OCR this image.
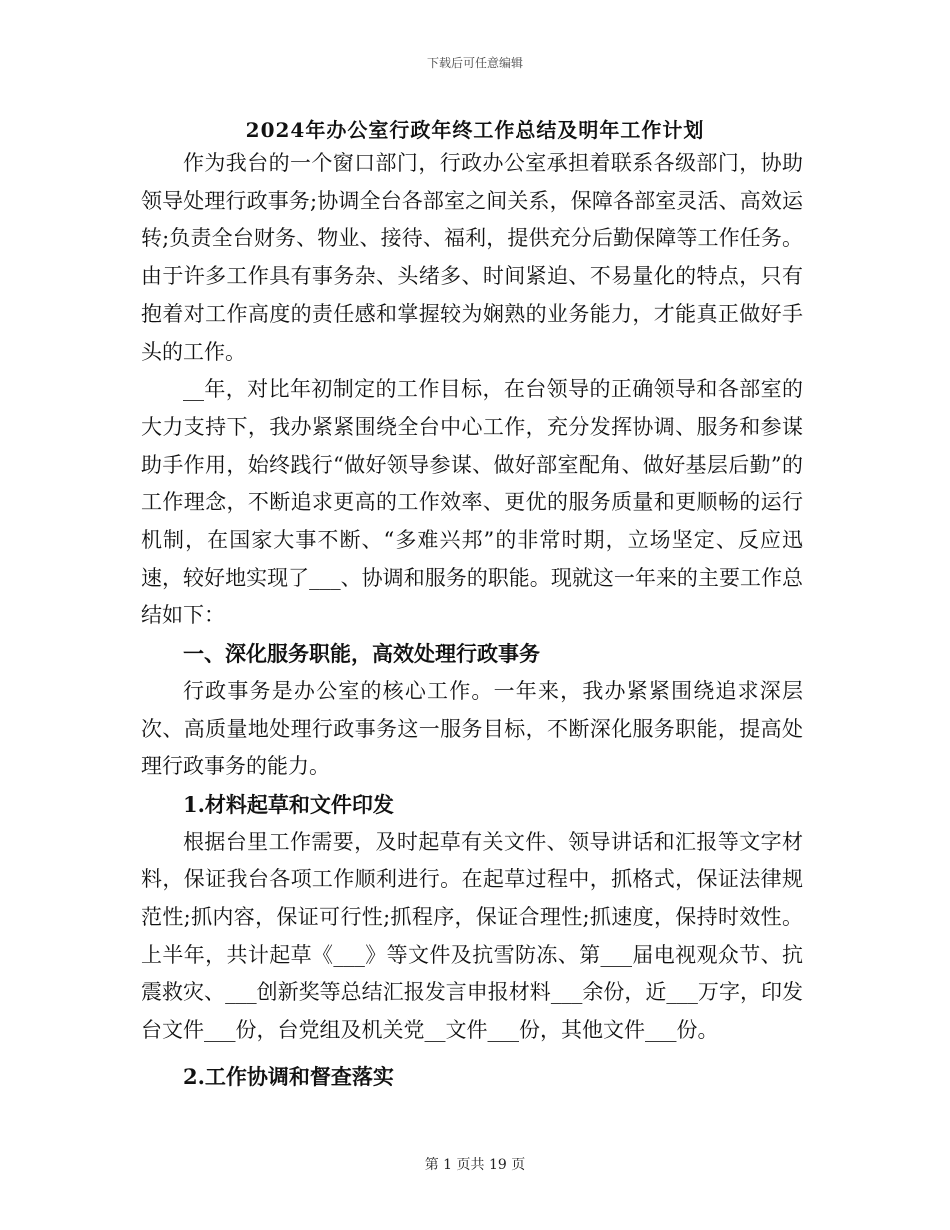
下载后可任意编辑
2024年办公室行政年终工作总结及明年工作计划

作为我台的一个窗口部门，行政办公室承担着联系各级部门，协助领导处理行政事务;协调全台各部室之间关系，保障各部室灵活、高效运转;负责全台财务、物业、接待、福利，提供充分后勤保障等工作任务。由于许多工作具有事务杂、头绪多、时间紧迫、不易量化的特点，只有抱着对工作高度的责任感和掌握较为娴熟的业务能力，才能真正做好手头的工作。

__年，对比年初制定的工作目标，在台领导的正确领导和各部室的大力支持下，我办紧紧围绕全台中心工作，充分发挥协调、服务和参谋助手作用，始终践行“做好领导参谋、做好部室配角、做好基层后勤”的工作理念，不断追求更高的工作效率、更优的服务质量和更顺畅的运行机制，在国家大事不断、“多难兴邦”的非常时期，立场坚定、反应迅速，较好地实现了___、协调和服务的职能。现就这一年来的主要工作总结如下：

一、深化服务职能，高效处理行政事务

行政事务是办公室的核心工作。一年来，我办紧紧围绕追求深层次、高质量地处理行政事务这一服务目标，不断深化服务职能，提高处理行政事务的能力。

1.材料起草和文件印发

根据台里工作需要，及时起草有关文件、领导讲话和汇报等文字材料，保证我台各项工作顺利进行。在起草过程中，抓格式，保证法律规范性;抓内容，保证可行性;抓程序，保证合理性;抓速度，保持时效性。上半年，共计起草《___》等文件及抗雪防冻、第___届电视观众节、抗震救灾、___创新奖等总结汇报发言申报材料___余份，近___万字，印发台文件___份，台党组及机关党__文件___份，其他文件___份。

2.工作协调和督查落实

第 1 页共 19 页
